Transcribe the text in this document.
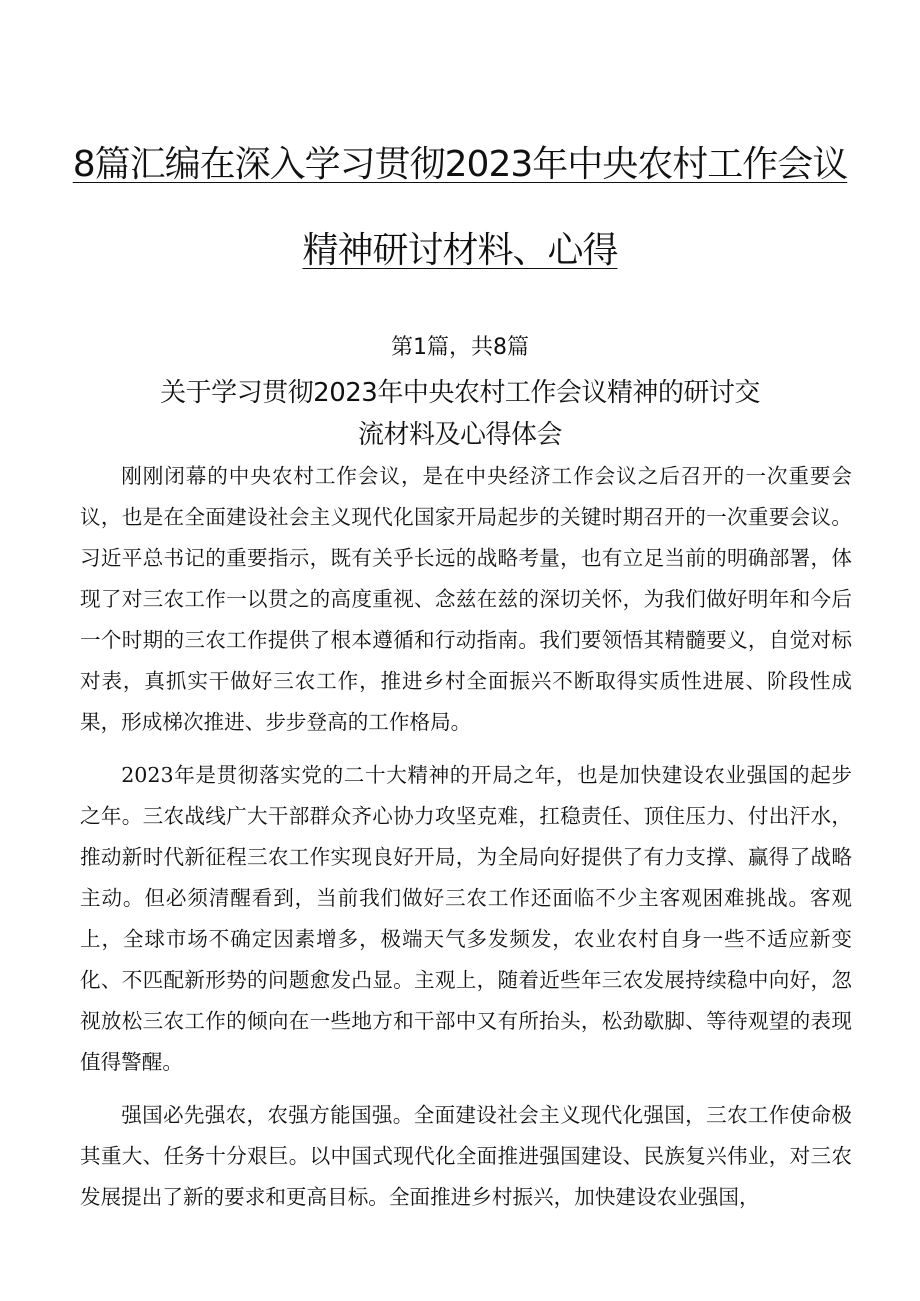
8篇汇编在深入学习贯彻2023年中央农村工作会议
精神研讨材料、心得
第1篇，共8篇
关于学习贯彻2023年中央农村工作会议精神的研讨交
流材料及心得体会

刚刚闭幕的中央农村工作会议，是在中央经济工作会议之后召开的一次重要会议，也是在全面建设社会主义现代化国家开局起步的关键时期召开的一次重要会议。习近平总书记的重要指示，既有关乎长远的战略考量，也有立足当前的明确部署，体现了对三农工作一以贯之的高度重视、念兹在兹的深切关怀，为我们做好明年和今后一个时期的三农工作提供了根本遵循和行动指南。我们要领悟其精髓要义，自觉对标对表，真抓实干做好三农工作，推进乡村全面振兴不断取得实质性进展、阶段性成果，形成梯次推进、步步登高的工作格局。

2023年是贯彻落实党的二十大精神的开局之年，也是加快建设农业强国的起步之年。三农战线广大干部群众齐心协力攻坚克难，扛稳责任、顶住压力、付出汗水，推动新时代新征程三农工作实现良好开局，为全局向好提供了有力支撑、赢得了战略主动。但必须清醒看到，当前我们做好三农工作还面临不少主客观困难挑战。客观上，全球市场不确定因素增多，极端天气多发频发，农业农村自身一些不适应新变化、不匹配新形势的问题愈发凸显。主观上，随着近些年三农发展持续稳中向好，忽视放松三农工作的倾向在一些地方和干部中又有所抬头，松劲歇脚、等待观望的表现值得警醒。

强国必先强农，农强方能国强。全面建设社会主义现代化强国，三农工作使命极其重大、任务十分艰巨。以中国式现代化全面推进强国建设、民族复兴伟业，对三农发展提出了新的要求和更高目标。全面推进乡村振兴，加快建设农业强国，
